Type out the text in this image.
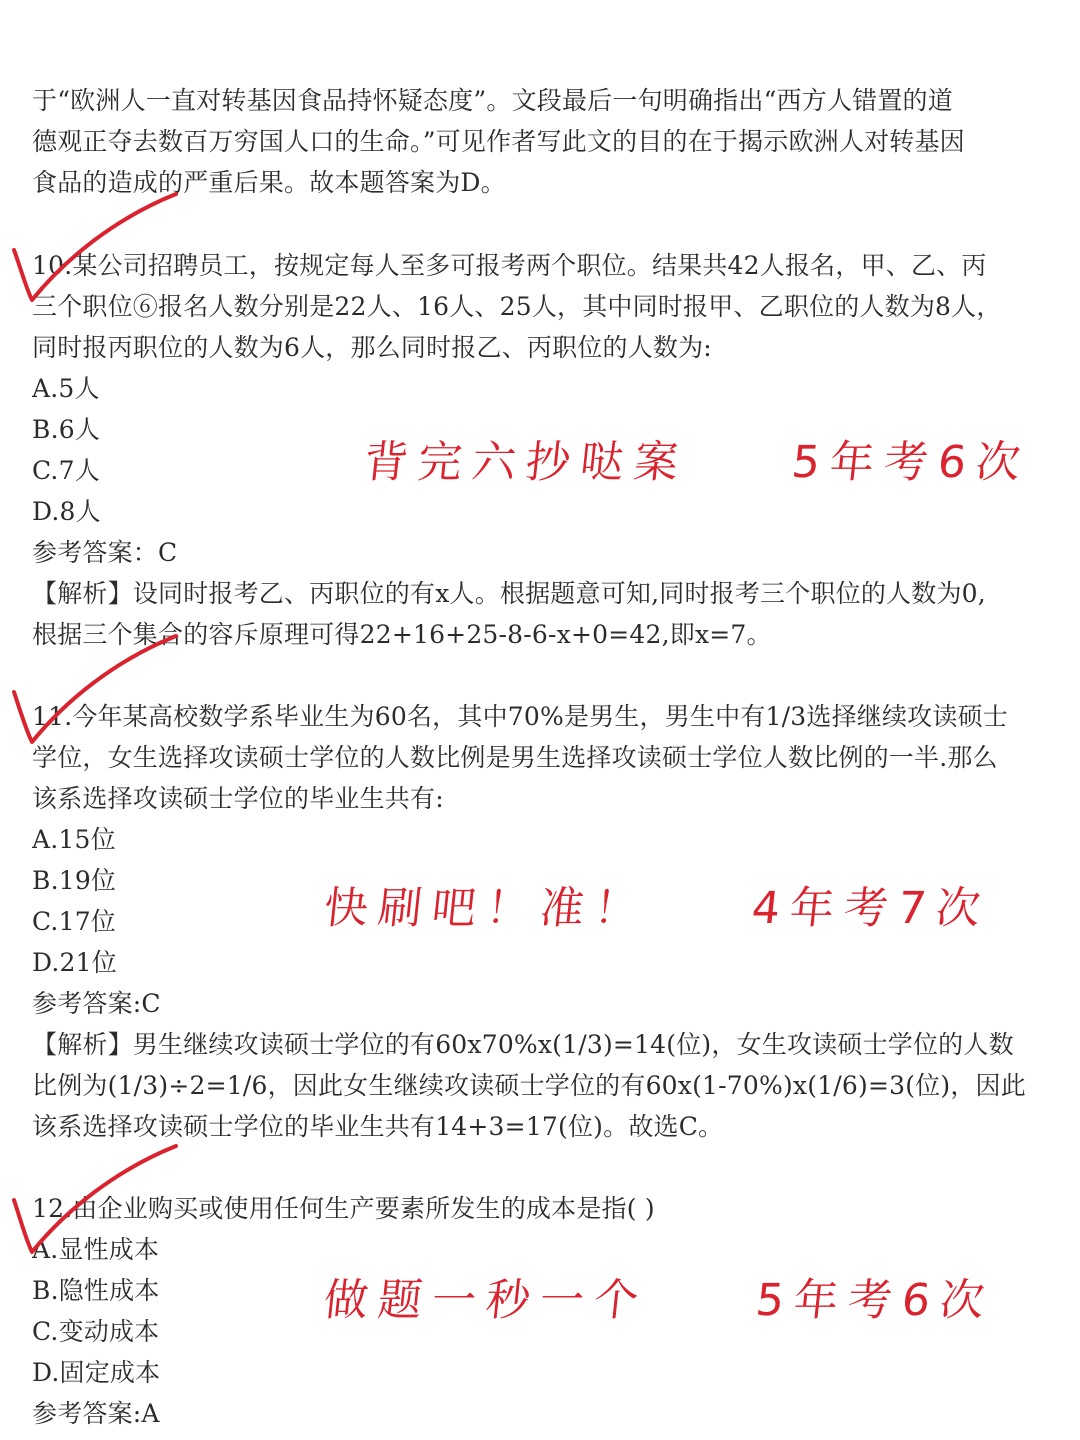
于“欧洲人一直对转基因食品持怀疑态度”。文段最后一句明确指出“西方人错置的道
德观正夺去数百万穷国人口的生命。”可见作者写此文的目的在于揭示欧洲人对转基因
食品的造成的严重后果。故本题答案为D。
10.某公司招聘员工，按规定每人至多可报考两个职位。结果共42人报名，甲、乙、丙
三个职位⑥报名人数分别是22人、16人、25人，其中同时报甲、乙职位的人数为8人，
同时报丙职位的人数为6人，那么同时报乙、丙职位的人数为:
A.5人
B.6人
C.7人
D.8人
参考答案：C
【解析】设同时报考乙、丙职位的有x人。根据题意可知,同时报考三个职位的人数为0,
根据三个集合的容斥原理可得22+16+25-8-6-x+0=42,即x=7。
背完六抄哒案 5年考6次
11.今年某高校数学系毕业生为60名，其中70%是男生，男生中有1/3选择继续攻读硕士
学位，女生选择攻读硕士学位的人数比例是男生选择攻读硕士学位人数比例的一半.那么
该系选择攻读硕士学位的毕业生共有:
A.15位
B.19位
C.17位
D.21位
参考答案:C
【解析】男生继续攻读硕士学位的有60x70%x(1/3)=14(位)，女生攻读硕士学位的人数
比例为(1/3)÷2=1/6，因此女生继续攻读硕士学位的有60x(1-70%)x(1/6)=3(位)，因此
该系选择攻读硕士学位的毕业生共有14+3=17(位)。故选C。
快刷吧！准！ 4年考7次
12.由企业购买或使用任何生产要素所发生的成本是指( )
A.显性成本
B.隐性成本
C.变动成本
D.固定成本
参考答案:A
做题一秒一个 5年考6次
